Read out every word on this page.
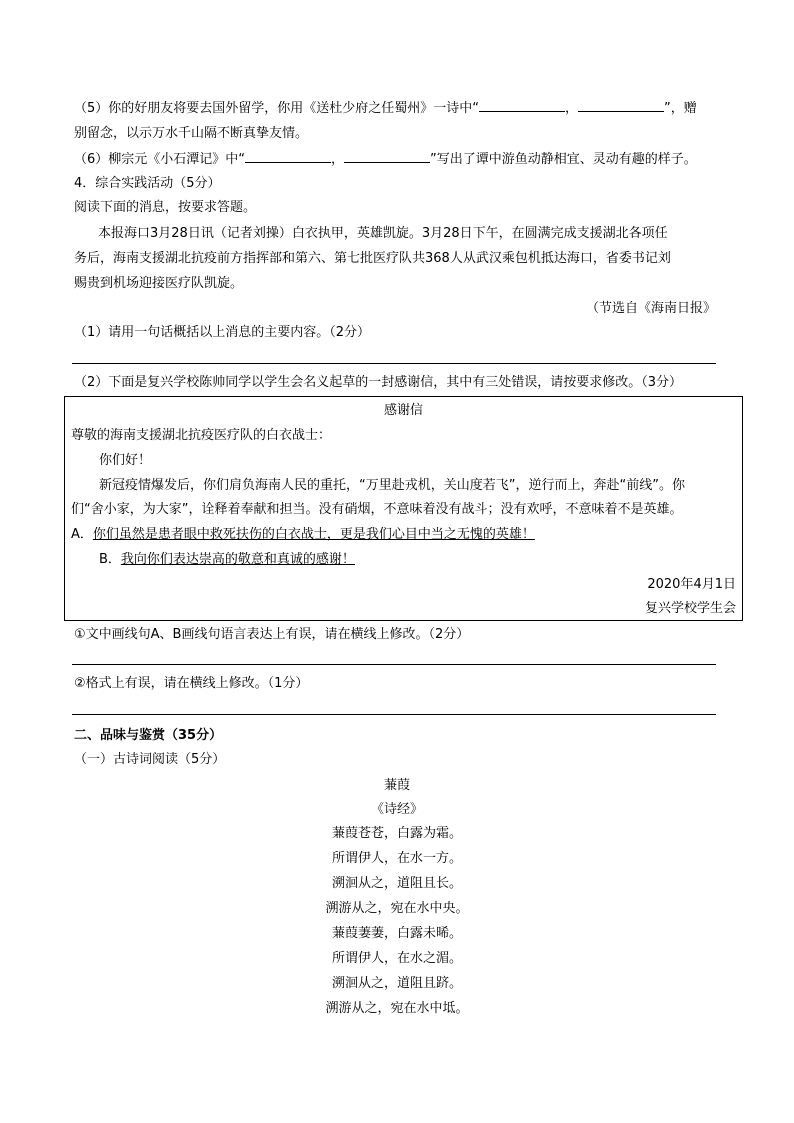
（5）你的好朋友将要去国外留学，你用《送杜少府之任蜀州》一诗中“	，	”，赠
别留念，以示万水千山隔不断真挚友情。
（6）柳宗元《小石潭记》中“	，	”写出了谭中游鱼动静相宜、灵动有趣的样子。
4．综合实践活动（5分）
阅读下面的消息，按要求答题。
本报海口3月28日讯（记者刘操）白衣执甲，英雄凯旋。3月28日下午，在圆满完成支援湖北各项任
务后，海南支援湖北抗疫前方指挥部和第六、第七批医疗队共368人从武汉乘包机抵达海口，省委书记刘
赐贵到机场迎接医疗队凯旋。
（节选自《海南日报》
（1）请用一句话概括以上消息的主要内容。（2分）
（2）下面是复兴学校陈帅同学以学生会名义起草的一封感谢信，其中有三处错误，请按要求修改。（3分）
感谢信
尊敬的海南支援湖北抗疫医疗队的白衣战士：
你们好！
新冠疫情爆发后，你们肩负海南人民的重托，“万里赴戎机，关山度若飞”，逆行而上，奔赴“前线”。你
们“舍小家，为大家”，诠释着奉献和担当。没有硝烟，不意味着没有战斗；没有欢呼，不意味着不是英雄。
A．你们虽然是患者眼中救死扶伤的白衣战士，更是我们心目中当之无愧的英雄！
B．我向你们表达崇高的敬意和真诚的感谢！
2020年4月1日
复兴学校学生会
①文中画线句A、B画线句语言表达上有误，请在横线上修改。（2分）
②格式上有误，请在横线上修改。（1分）
二、品味与鉴赏（35分）
（一）古诗词阅读（5分）
蒹葭
《诗经》
蒹葭苍苍，白露为霜。
所谓伊人，在水一方。
溯洄从之，道阻且长。
溯游从之，宛在水中央。
蒹葭萋萋，白露未晞。
所谓伊人，在水之湄。
溯洄从之，道阻且跻。
溯游从之，宛在水中坻。
